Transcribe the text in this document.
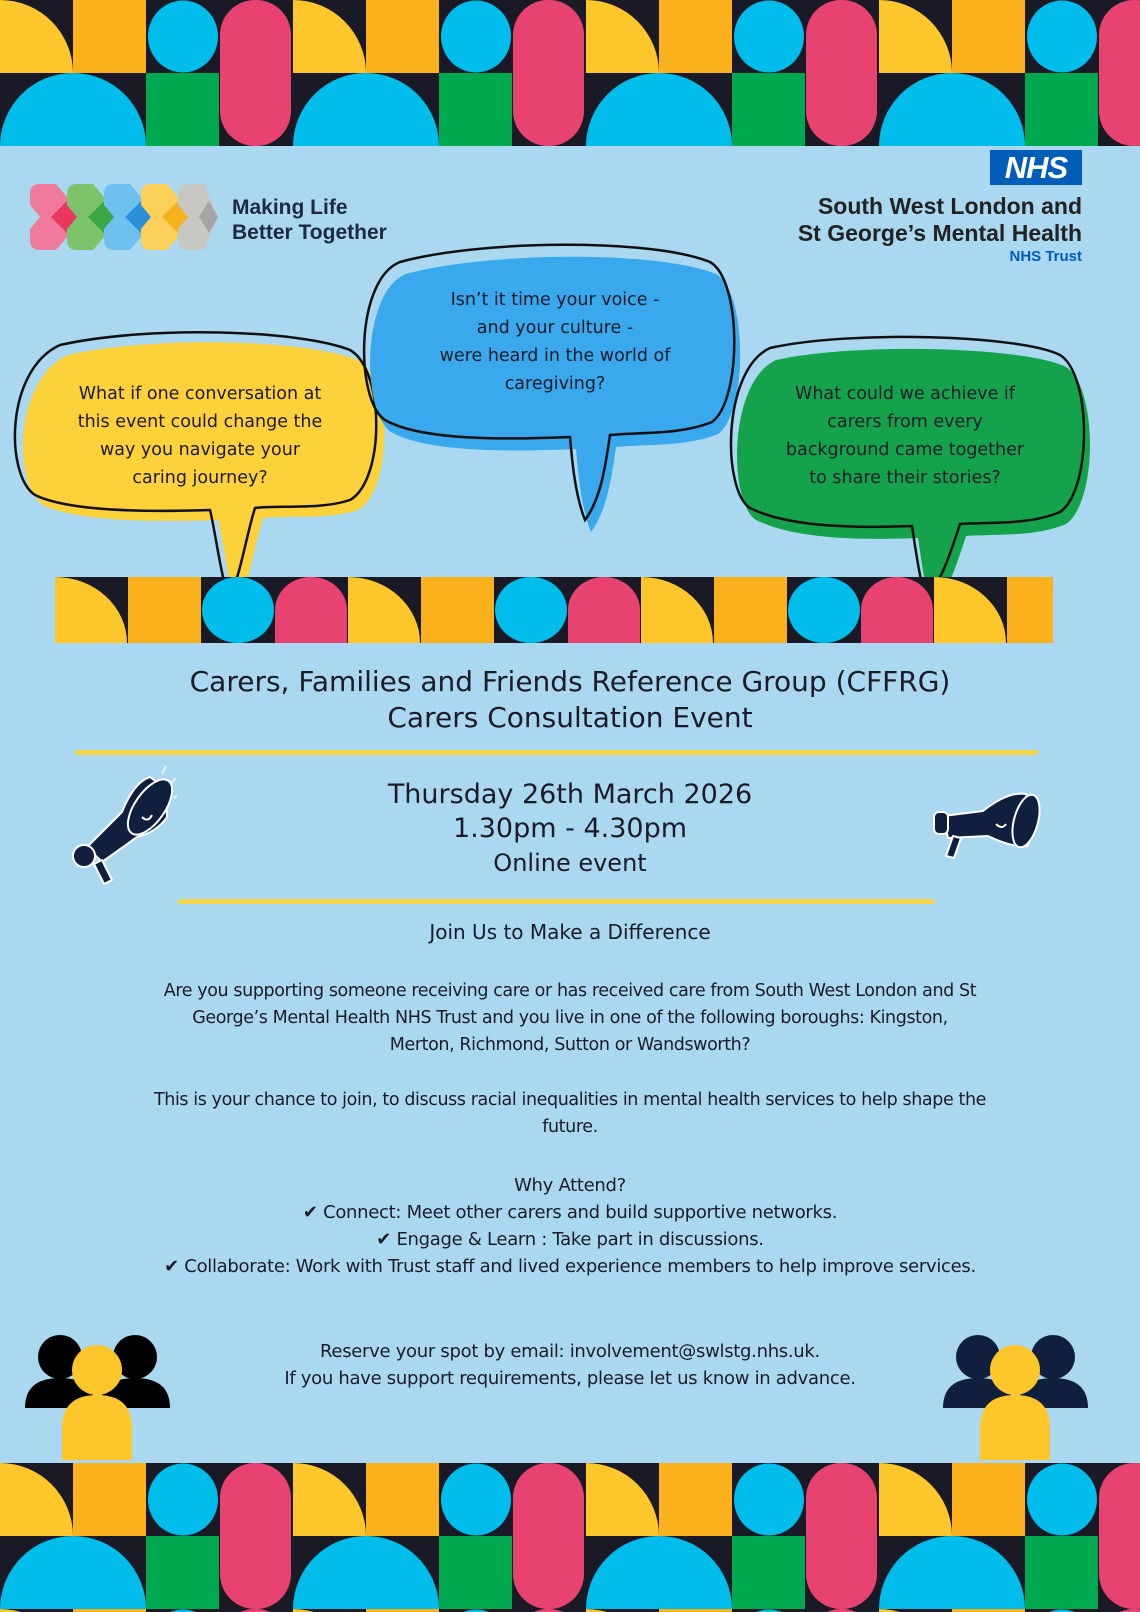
Making Life
Better Together
NHS
South West London and
St George’s Mental Health
NHS Trust
What if one conversation at
this event could change the
way you navigate your
caring journey?
Isn’t it time your voice -
and your culture -
were heard in the world of
caregiving?	What could we achieve if
carers from every
background came together
to share their stories?
Carers, Families and Friends Reference Group (CFFRG)
Carers Consultation Event
Thursday 26th March 2026
1.30pm - 4.30pm
Online event
Join Us to Make a Difference
Are you supporting someone receiving care or has received care from South West London and St
George’s Mental Health NHS Trust and you live in one of the following boroughs: Kingston,
Merton, Richmond, Sutton or Wandsworth?
This is your chance to join, to discuss racial inequalities in mental health services to help shape the
future.
Why Attend?
✔ Connect: Meet other carers and build supportive networks.
✔ Engage & Learn : Take part in discussions.
✔ Collaborate: Work with Trust staff and lived experience members to help improve services.
Reserve your spot by email: involvement@swlstg.nhs.uk.
If you have support requirements, please let us know in advance.
